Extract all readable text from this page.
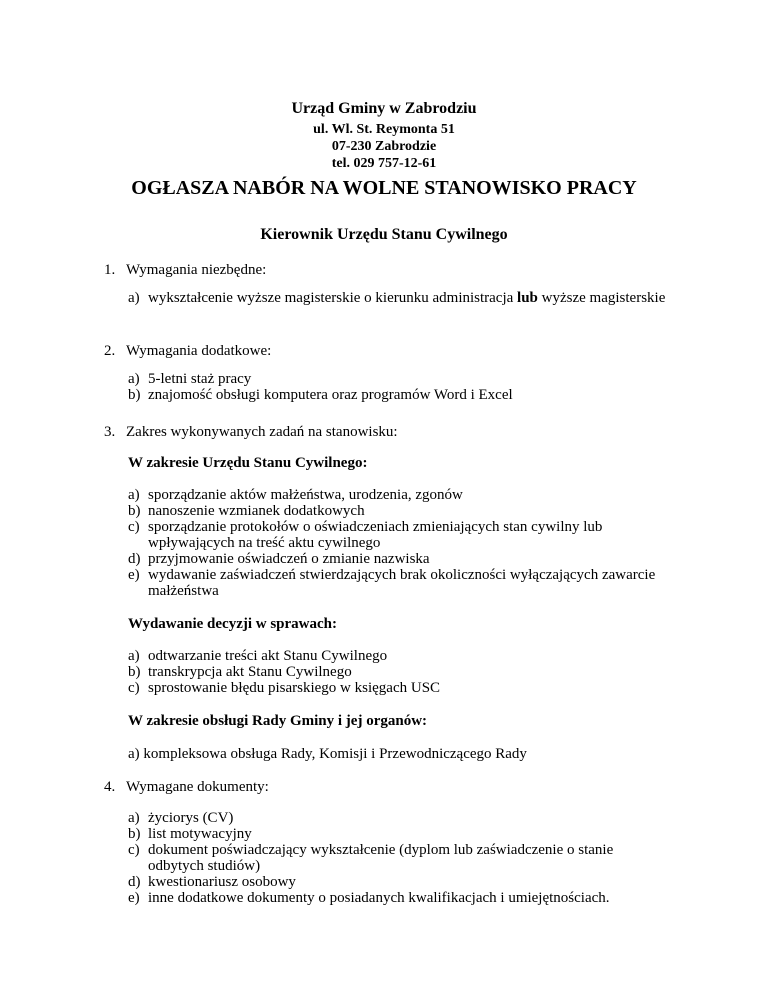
Urząd Gminy w Zabrodziu

ul. Wl. St. Reymonta 51

07-230 Zabrodzie

tel. 029 757-12-61

OGŁASZA NABÓR NA WOLNE STANOWISKO PRACY
Kierownik Urzędu Stanu Cywilnego

1. Wymagania niezbędne:

a) wykształcenie wyższe magisterskie o kierunku administracja lub wyższe magisterskie

2. Wymagania dodatkowe:

a) 5-letni staż pracy
b) znajomość obsługi komputera oraz programów Word i Excel

3. Zakres wykonywanych zadań na stanowisku:

W zakresie Urzędu Stanu Cywilnego:

a) sporządzanie aktów małżeństwa, urodzenia, zgonów
b) nanoszenie wzmianek dodatkowych
c) sporządzanie protokołów o oświadczeniach zmieniających stan cywilny lub wpływających na treść aktu cywilnego
d) przyjmowanie oświadczeń o zmianie nazwiska
e) wydawanie zaświadczeń stwierdzających brak okoliczności wyłączających zawarcie małżeństwa

Wydawanie decyzji w sprawach:

a) odtwarzanie treści akt Stanu Cywilnego
b) transkrypcja akt Stanu Cywilnego
c) sprostowanie błędu pisarskiego w księgach USC

W zakresie obsługi Rady Gminy i jej organów:

a) kompleksowa obsługa Rady, Komisji i Przewodniczącego Rady

4. Wymagane dokumenty:

a) życiorys (CV)
b) list motywacyjny
c) dokument poświadczający wykształcenie (dyplom lub zaświadczenie o stanie odbytych studiów)
d) kwestionariusz osobowy
e) inne dodatkowe dokumenty o posiadanych kwalifikacjach i umiejętnościach.
